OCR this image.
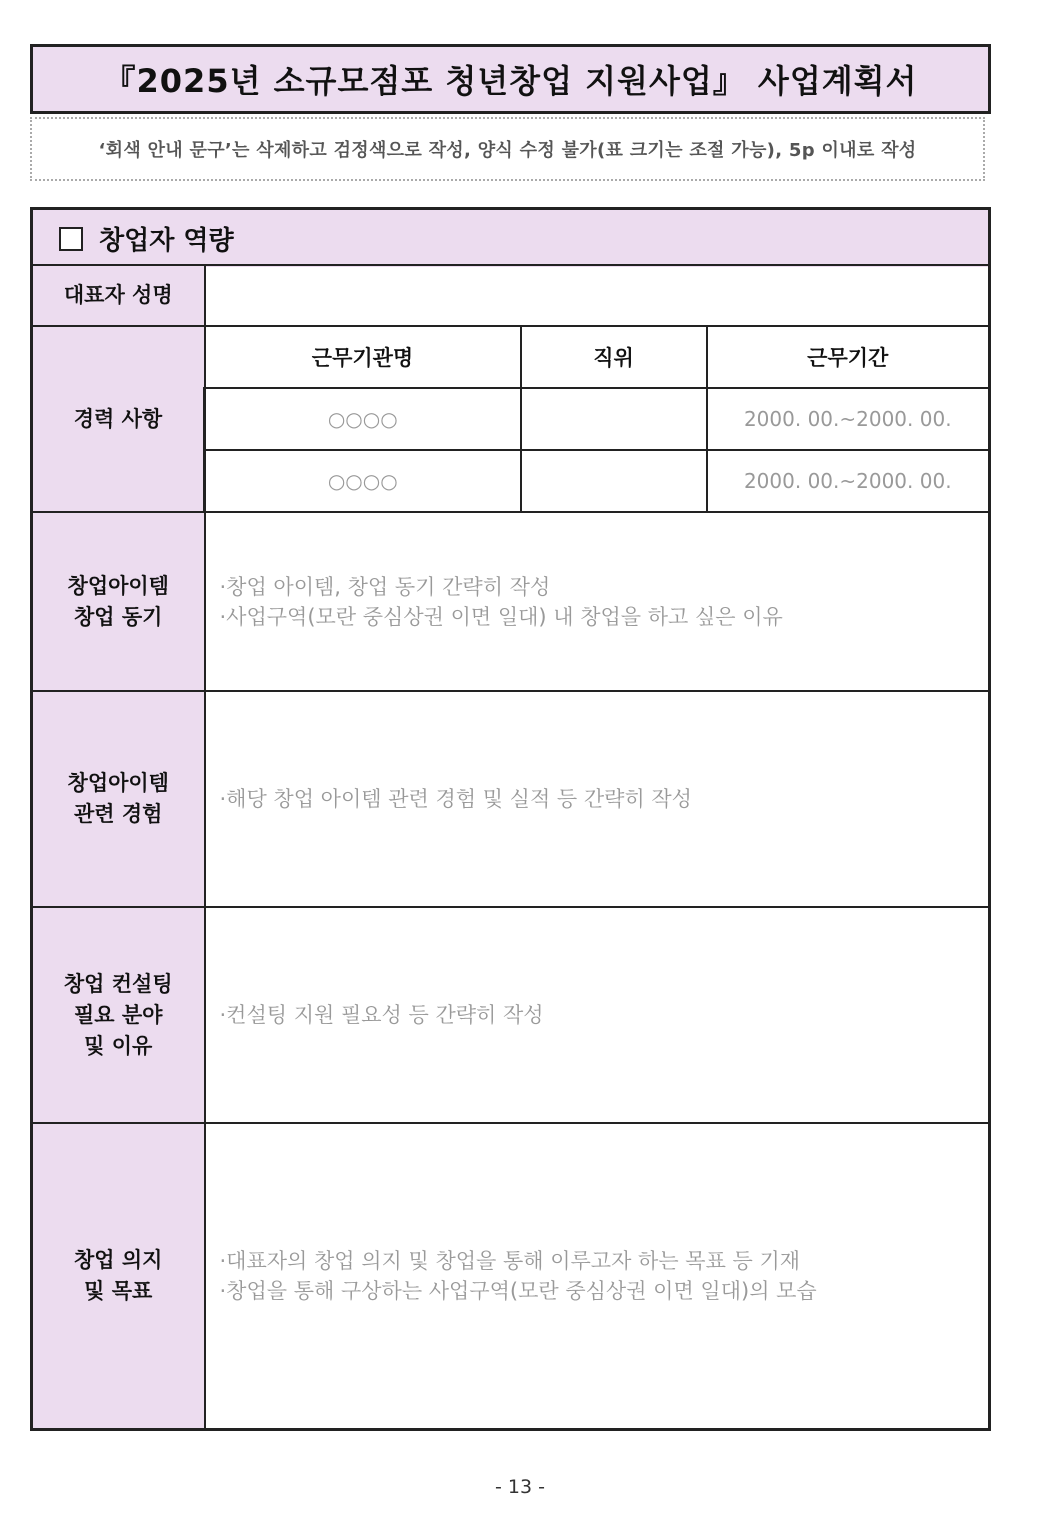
『2025년 소규모점포 청년창업 지원사업』 사업계획서
‘회색 안내 문구’는 삭제하고 검정색으로 작성, 양식 수정 불가(표 크기는 조절 가능), 5p 이내로 작성
창업자 역량
대표자 성명			
경력 사항	근무기관명	직위	근무기간
	○○○○		2000. 00.~2000. 00.
	○○○○		2000. 00.~2000. 00.
창업아이템
창업 동기	·창업 아이템, 창업 동기 간략히 작성
·사업구역(모란 중심상권 이면 일대) 내 창업을 하고 싶은 이유		

창업아이템
관련 경험	·해당 창업 아이템 관련 경험 및 실적 등 간략히 작성		

창업 컨설팅
필요 분야
및 이유	·컨설팅 지원 필요성 등 간략히 작성		

창업 의지
및 목표	·대표자의 창업 의지 및 창업을 통해 이루고자 하는 목표 등 기재
·창업을 통해 구상하는 사업구역(모란 중심상권 이면 일대)의 모습		
- 13 -
